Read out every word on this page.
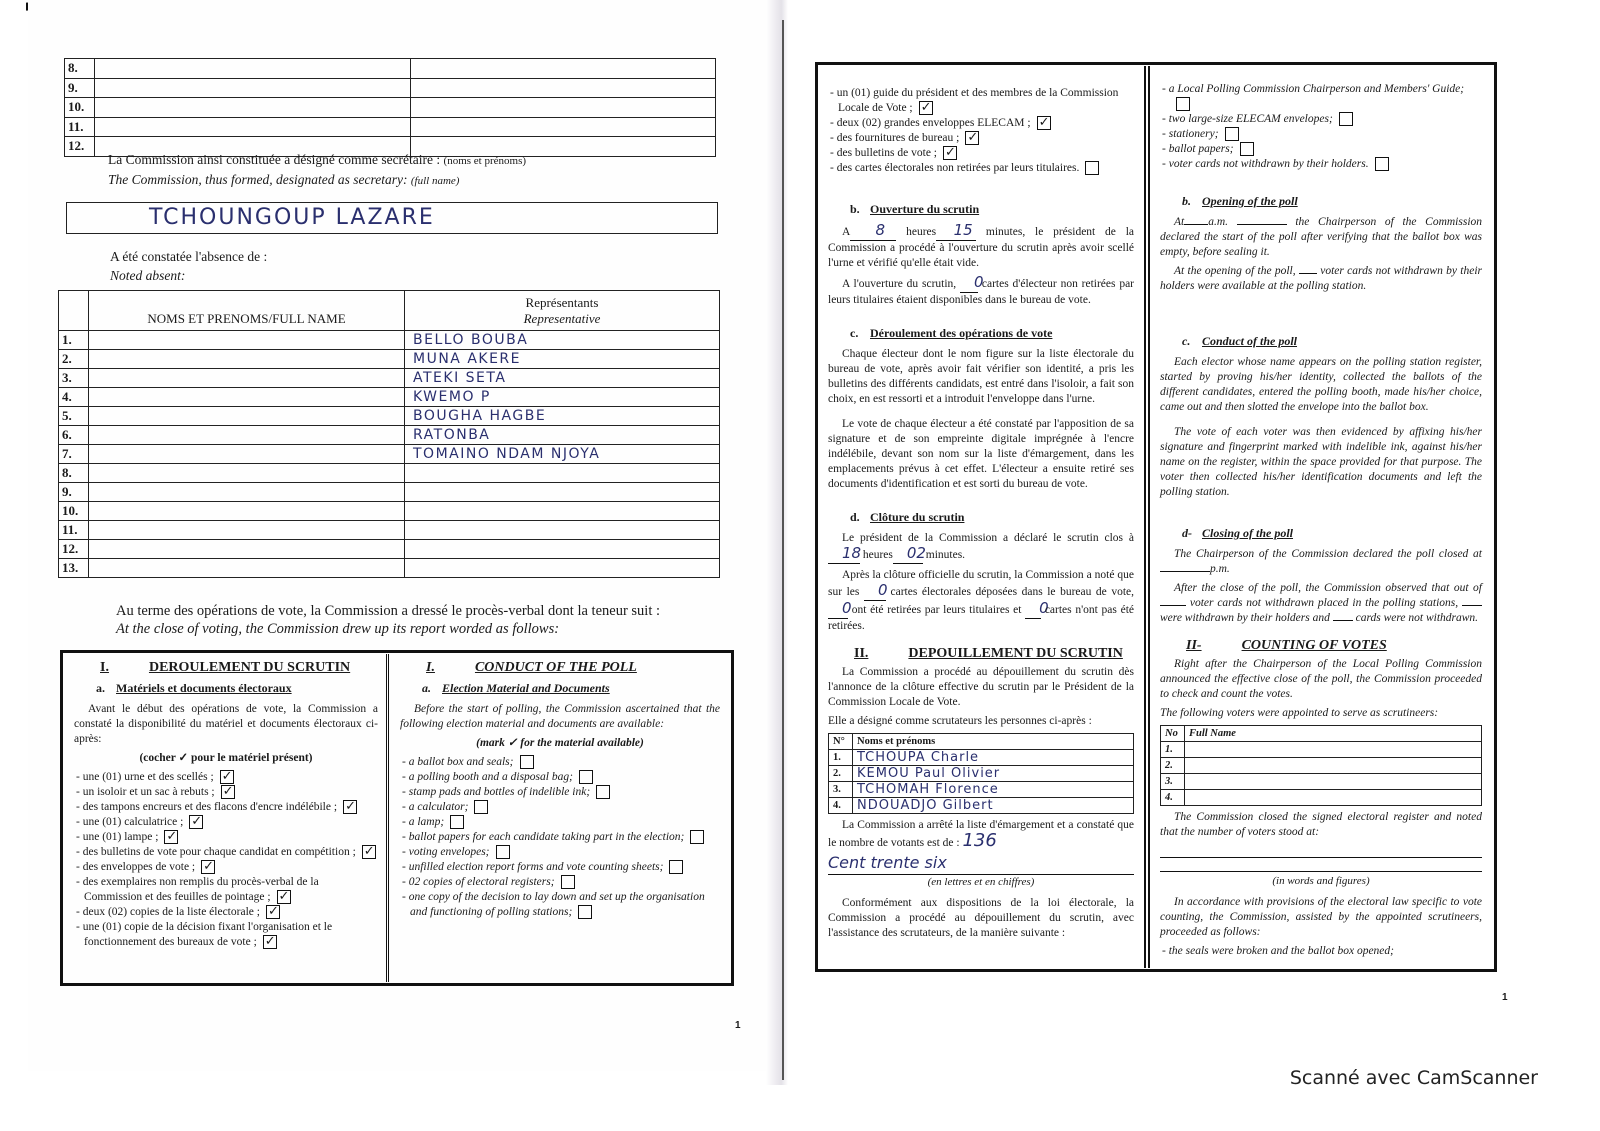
8.		
9.		
10.		
11.		
12.		
La Commission ainsi constituée a désigné comme secrétaire : (noms et prénoms)
The Commission, thus formed, designated as secretary: (full name)
TCHOUNGOUP LAZARE
A été constatée l'absence de :
Noted absent:
	NOMS ET PRENOMS/FULL NAME	Représentants
Representative

1.		BELLO BOUBA
2.		MUNA AKERE
3.		ATEKI SETA
4.		KWEMO P
5.		BOUGHA HAGBE
6.		RATONBA
7.		TOMAINO NDAM NJOYA
8.		
9.		
10.		
11.		
12.		
13.		
Au terme des opérations de vote, la Commission a dressé le procès-verbal dont la teneur suit :
At the close of voting, the Commission drew up its report worded as follows:
I.	DEROULEMENT DU SCRUTIN
a. Matériels et documents électoraux

Avant le début des opérations de vote, la Commission a constaté la disponibilité du matériel et documents électoraux ci-après:

(cocher ✓ pour le matériel présent)

- une (01) urne et des scellés ;✓
- un isoloir et un sac à rebuts ;✓
- des tampons encreurs et des flacons d'encre indélébile ;✓
- une (01) calculatrice ;✓
- une (01) lampe ;✓
- des bulletins de vote pour chaque candidat en compétition ;✓
- des enveloppes de vote ;✓
- des exemplaires non remplis du procès-verbal de la Commission et des feuilles de pointage ;✓
- deux (02) copies de la liste électorale ;✓
- une (01) copie de la décision fixant l'organisation et le fonctionnement des bureaux de vote ;✓
I.	CONDUCT OF THE POLL
a. Election Material and Documents

Before the start of polling, the Commission ascertained that the following election material and documents are available:

(mark ✓ for the material available)

- a ballot box and seals;
- a polling booth and a disposal bag;
- stamp pads and bottles of indelible ink;
- a calculator;
- a lamp;
- ballot papers for each candidate taking part in the election;
- voting envelopes;
- unfilled election report forms and vote counting sheets;
- 02 copies of electoral registers;
- one copy of the decision to lay down and set up the organisation and functioning of polling stations;
1
- un (01) guide du président et des membres de la Commission Locale de Vote ;✓
- deux (02) grandes enveloppes ELECAM ;✓
- des fournitures de bureau ;✓
- des bulletins de vote ;✓
- des cartes électorales non retirées par leurs titulaires.
b. Ouverture du scrutin

A 8 heures 15 minutes, le président de la Commission a procédé à l'ouverture du scrutin après avoir scellé l'urne et vérifié qu'elle était vide.

A l'ouverture du scrutin, 0 cartes d'électeur non retirées par leurs titulaires étaient disponibles dans le bureau de vote.

c. Déroulement des opérations de vote

Chaque électeur dont le nom figure sur la liste électorale du bureau de vote, après avoir fait vérifier son identité, a pris les bulletins des différents candidats, est entré dans l'isoloir, a fait son choix, en est ressorti et a introduit l'enveloppe dans l'urne.

Le vote de chaque électeur a été constaté par l'apposition de sa signature et de son empreinte digitale imprégnée à l'encre indélébile, devant son nom sur la liste d'émargement, dans les emplacements prévus à cet effet. L'électeur a ensuite retiré ses documents d'identification et est sorti du bureau de vote.

d. Clôture du scrutin

Le président de la Commission a déclaré le scrutin clos à 18 heures 02 minutes.

Après la clôture officielle du scrutin, la Commission a noté que sur les 0 cartes électorales déposées dans le bureau de vote, 0 ont été retirées par leurs titulaires et 0 cartes n'ont pas été retirées.

II.	DEPOUILLEMENT DU SCRUTIN

La Commission a procédé au dépouillement du scrutin dès l'annonce de la clôture effective du scrutin par le Président de la Commission Locale de Vote.

Elle a désigné comme scrutateurs les personnes ci-après :

N°	Noms et prénoms
1.	TCHOUPA Charle
2.	KEMOU Paul Olivier
3.	TCHOMAH Florence
4.	NDOUADJO Gilbert

La Commission a arrêté la liste d'émargement et a constaté que le nombre de votants est de : 136

Cent trente six

(en lettres et en chiffres)

Conformément aux dispositions de la loi électorale, la Commission a procédé au dépouillement du scrutin, avec l'assistance des scrutateurs, de la manière suivante :

- a Local Polling Commission Chairperson and Members' Guide;
- two large-size ELECAM envelopes;
- stationery;
- ballot papers;
- voter cards not withdrawn by their holders.
b. Opening of the poll

At a.m.	the Chairperson of the Commission declared the start of the poll after verifying that the ballot box was empty, before sealing it.

At the opening of the poll, voter cards not withdrawn by their holders were available at the polling station.

c. Conduct of the poll

Each elector whose name appears on the polling station register, started by proving his/her identity, collected the ballots of the different candidates, entered the polling booth, made his/her choice, came out and then slotted the envelope into the ballot box.

The vote of each voter was then evidenced by affixing his/her signature and fingerprint marked with indelible ink, against his/her name on the register, within the space provided for that purpose. The voter then collected his/her identification documents and left the polling station.

d- Closing of the poll

The Chairperson of the Commission declared the poll closed at p.m.

After the close of the poll, the Commission observed that out of  voter cards not withdrawn placed in the polling stations,  were withdrawn by their holders and cards were not withdrawn.

II-	COUNTING OF VOTES

Right after the Chairperson of the Local Polling Commission announced the effective close of the poll, the Commission proceeded to check and count the votes.

The following voters were appointed to serve as scrutineers:

No	Full Name
1.	
2.	
3.	
4.	

The Commission closed the signed electoral register and noted that the number of voters stood at:

(in words and figures)

In accordance with provisions of the electoral law specific to vote counting, the Commission, assisted by the appointed scrutineers, proceeded as follows:

- the seals were broken and the ballot box opened;
1
Scanné avec CamScanner
